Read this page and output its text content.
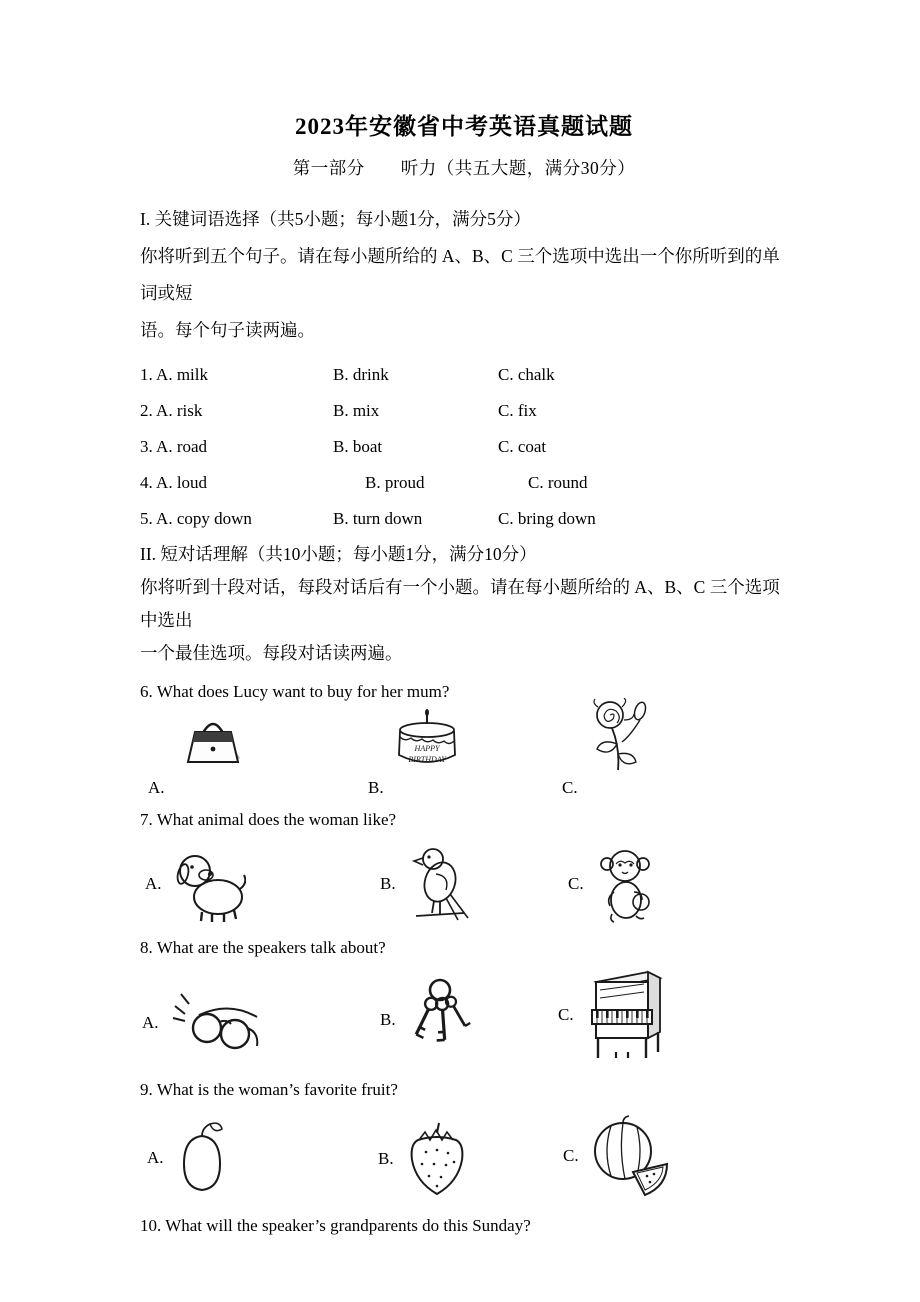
2023年安徽省中考英语真题试题
第一部分　　听力（共五大题，满分30分）
I. 关键词语选择（共5小题；每小题1分，满分5分）
你将听到五个句子。请在每小题所给的 A、B、C 三个选项中选出一个你所听到的单词或短
语。每个句子读两遍。
1. A. milk	B. drink	C. chalk
2. A. risk	B. mix	C. fix
3. A. road	B. boat	C. coat
4. A. loud	B. proud	C. round
5. A. copy down	B. turn down	C. bring down
II. 短对话理解（共10小题；每小题1分，满分10分）
你将听到十段对话，每段对话后有一个小题。请在每小题所给的 A、B、C 三个选项中选出
一个最佳选项。每段对话读两遍。
6. What does Lucy want to buy for her mum?
HAPPY
BIRTHDAY
A.	B.	C.
7. What animal does the woman like?
A.	B.	C.
8. What are the speakers talk about?
A.	B.	C.
9. What is the woman’s favorite fruit?
A.	B.	C.
10. What will the speaker’s grandparents do this Sunday?
